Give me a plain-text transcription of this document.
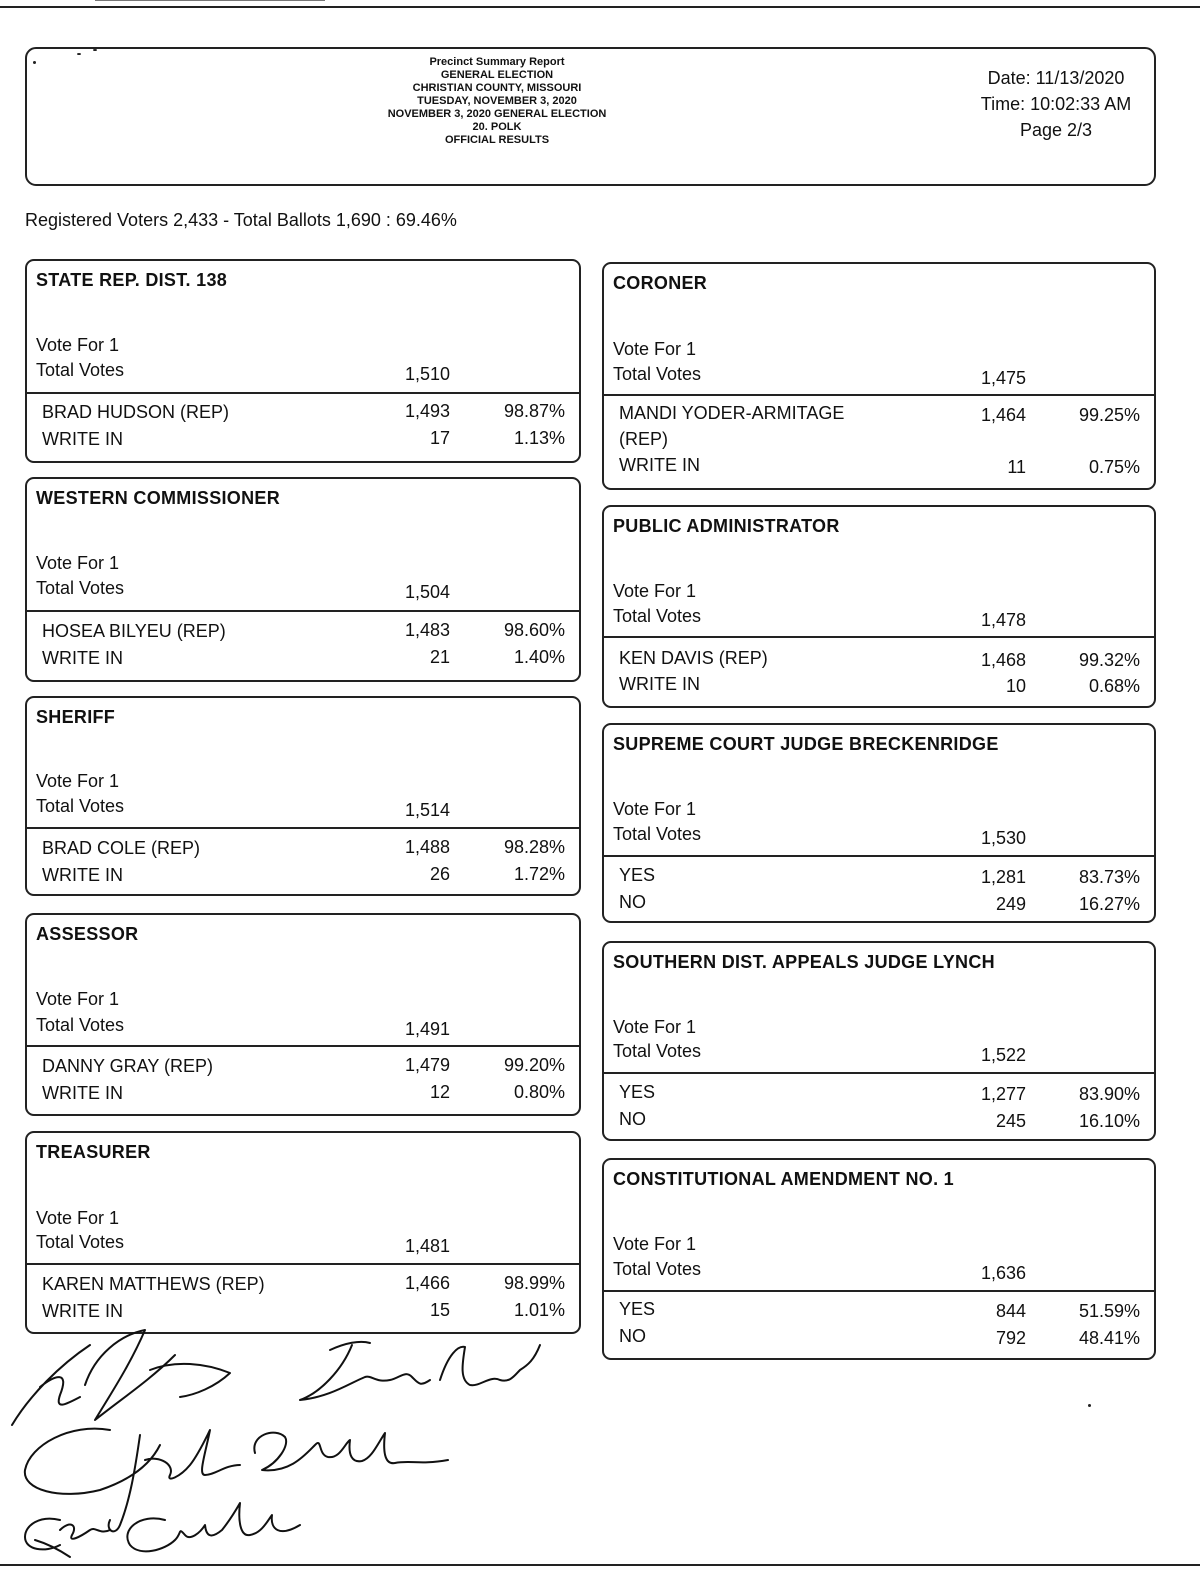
Precinct Summary Report
GENERAL ELECTION
CHRISTIAN COUNTY, MISSOURI
TUESDAY, NOVEMBER 3, 2020
NOVEMBER 3, 2020 GENERAL ELECTION
20. POLK
OFFICIAL RESULTS
Date: 11/13/2020
Time: 10:02:33 AM
Page 2/3
Registered Voters 2,433 - Total Ballots 1,690 : 69.46%
STATE REP. DIST. 138
Vote For 1
Total Votes	1,510
BRAD HUDSON (REP)	1,493	98.87%
WRITE IN	17	1.13%
WESTERN COMMISSIONER
Vote For 1
Total Votes	1,504
HOSEA BILYEU (REP)	1,483	98.60%
WRITE IN	21	1.40%
SHERIFF
Vote For 1
Total Votes	1,514
BRAD COLE (REP)	1,488	98.28%
WRITE IN	26	1.72%
ASSESSOR
Vote For 1
Total Votes	1,491
DANNY GRAY (REP)	1,479	99.20%
WRITE IN	12	0.80%
TREASURER
Vote For 1
Total Votes	1,481
KAREN MATTHEWS (REP)	1,466	98.99%
WRITE IN	15	1.01%
CORONER
Vote For 1
Total Votes	1,475
MANDI YODER-ARMITAGE
(REP)
1,464	99.25%
WRITE IN	11	0.75%
PUBLIC ADMINISTRATOR
Vote For 1
Total Votes	1,478
KEN DAVIS (REP)	1,468	99.32%
WRITE IN	10	0.68%
SUPREME COURT JUDGE BRECKENRIDGE
Vote For 1
Total Votes	1,530
YES	1,281	83.73%
NO	249	16.27%
SOUTHERN DIST. APPEALS JUDGE LYNCH
Vote For 1
Total Votes	1,522
YES	1,277	83.90%
NO	245	16.10%
CONSTITUTIONAL AMENDMENT NO. 1
Vote For 1
Total Votes	1,636
YES	844	51.59%
NO	792	48.41%
